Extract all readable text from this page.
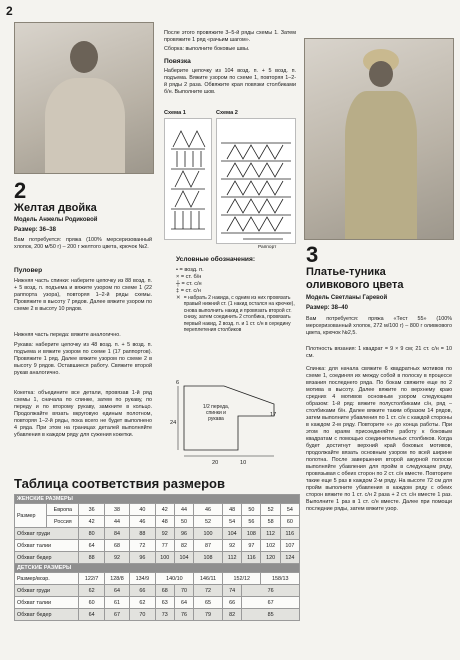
2
2
Желтая двойка
Модель Анжелы Родиковой
Размер: 36–38
Вам потребуется: пряжа (100% мерсеризованный хлопок, 200 м/50 г) – 200 г желтого цвета, крючок №2.
Пуловер
Нижняя часть спинки: наберите цепочку из 88 возд. п. + 5 возд. п. подъема и вяжите узором по схеме 1 (22 раппорта узора), повторяя 1–2-й ряды схемы. Провяжите в высоту 7 рядов. Далее вяжите узором по схеме 2 в высоту 10 рядов.
Нижняя часть переда: вяжите аналогично.
Рукава: наберите цепочку из 48 возд. п. + 5 возд. п. подъема и вяжите узором по схеме 1 (17 раппортов). Провяжите 1 ряд. Далее вяжите узором по схеме 2 в высоту 9 рядов. Оставшиеся работу. Свяжите второй рукав аналогично.
Кокетка: объедините все детали, провязав 1-й ряд схемы 1, сначала по спинке, затем по рукаву, по переду и по второму рукаву, замкните в кольцо. Продолжайте вязать вкруговую единым полотном, повторяя 1–2-й ряды, пока всего не будет выполнено 4 ряда. При этом на границах деталей выполняйте убавления в каждом ряду для сужения кокетки.
После этого провяжите 3–5-й ряды схемы 1. Затем провяжите 1 ряд «рачьим шагом».
Сборка: выполните боковые швы.
Повязка
Наберите цепочку из 104 возд. п. + 5 возд. п. подъема. Вяжите узором по схеме 1, повторяя 1–2-й ряды 2 раза. Обвяжите края повязки столбиками б/н. Выполните шов.
Схема 1	Схема 2
Раппорт
Условные обозначения:
• = возд. п.
× = ст. б/н
┼ = ст. с/н
‡ = ст. с/н
⨯ = набрать 2 накида, с одним из них провязать правый нижний ст. (1 накид остался на крючке), снова выполнить накид и провязать второй ст. снизу, затем соединить 2 столбика, провязать первый накид, 2 возд. п. и 1 ст. с/н в середину переплетения столбиков
1/2 переда, спинки и рукава
6
20	10
24
17
3
Платье-туника оливкового цвета
Модель Светланы Гаревой
Размер: 38–40
Вам потребуется: пряжа «Тест 55» (100% мерсеризованный хлопок, 272 м/100 г) – 800 г оливкового цвета, крючок №2,5.
Плотность вязания: 1 квадрат = 9 × 9 см; 21 ст. с/н = 10 см.
Спинка: для начала свяжите 6 квадратных мотивов по схеме 1, соединяя их между собой в полоску в процессе вязания последнего ряда. По бокам свяжите еще по 2 мотива в высоту. Далее вяжите по верхнему краю средних 4 мотивов основным узором следующим образом: 1-й ряд: вяжите полустолбиками с/н, ряд – столбиками б/н. Далее вяжите таким образом 14 рядов, затем выполните убавления по 1 ст. с/н с каждой стороны в каждом 2-м ряду. Повторите «» до конца работы. При этом по краям присоединяйте работу к боковым квадратам с помощью соединительных столбиков. Когда будет достигнут верхний край боковых мотивов, продолжайте вязать основным узором по всей ширине полотна. После завершения второй ажурной полоски выполняйте убавления для пройм в следующем ряду, провязывая с обеих сторон по 2 ст. с/н вместе. Повторите такие еще 5 раз в каждом 2-м ряду. На высоте 72 см для пройм выполните убавления в каждом ряду с обеих сторон вяжите по 1 ст. с/н 2 раза + 2 ст. с/н вместе 1 раз. Выполните 1 раз в 1 ст. с/н вместе. Далее при помощи последние ряды, затем вяжите узор.
Таблица соответствия размеров
ЖЕНСКИЕ РАЗМЕРЫ											
Размер	Европа	36	38	40	42	44	46	48	50	52	54
	Россия	42	44	46	48	50	52	54	56	58	60
Обхват груди		80	84	88	92	96	100	104	108	112	116
Обхват талии		64	68	72	77	82	87	92	97	102	107
Обхват бедер		88	92	96	100	104	108	112	116	120	124
ДЕТСКИЕ РАЗМЕРЫ											
Размер/возр.		122/7	128/8	134/9	140/10		146/11	152/12		158/13	
Обхват груди		62	64	66	68	70	72	74	76		
Обхват талии		60	61	62	63	64	65	66	67		
Обхват бедер		64	67	70	73	76	79	82	85		
